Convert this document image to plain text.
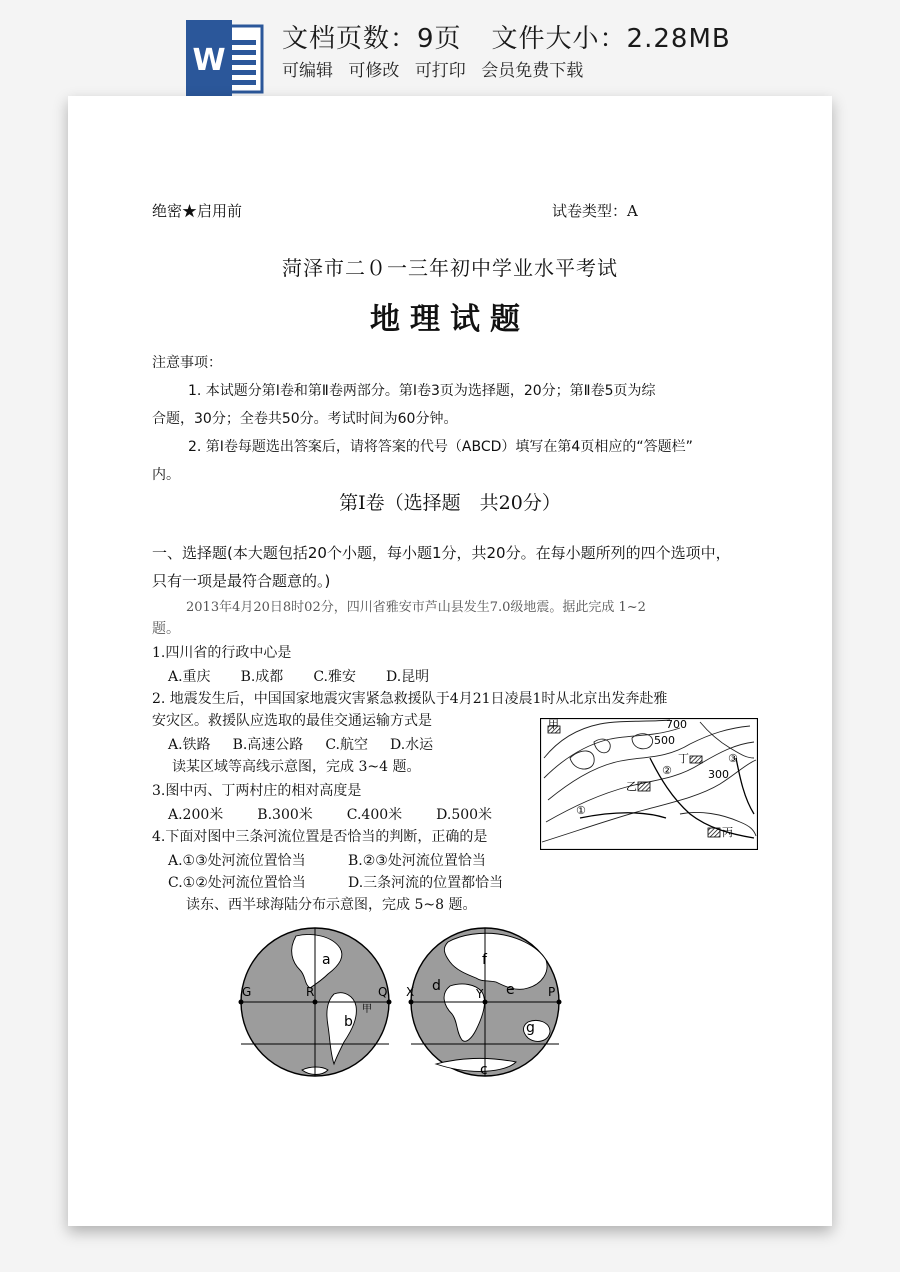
W
文档页数：9页 文件大小：2.28MB
可编辑 可修改 可打印 会员免费下载
绝密★启用前	试卷类型：A
菏泽市二０一三年初中学业水平考试
地理试题
注意事项：
1. 本试题分第Ⅰ卷和第Ⅱ卷两部分。第Ⅰ卷3页为选择题，20分；第Ⅱ卷5页为综
合题，30分；全卷共50分。考试时间为60分钟。
2. 第Ⅰ卷每题选出答案后，请将答案的代号（ABCD）填写在第4页相应的“答题栏”
内。
第Ⅰ卷（选择题　共20分）
一、选择题(本大题包括20个小题，每小题1分，共20分。在每小题所列的四个选项中，
只有一项是最符合题意的。)
2013年4月20日8时02分，四川省雅安市芦山县发生7.0级地震。据此完成 1~2
题。
1.四川省的行政中心是
A.重庆 B.成都 C.雅安 D.昆明
2. 地震发生后，中国国家地震灾害紧急救援队于4月21日凌晨1时从北京出发奔赴雅
安灾区。救援队应选取的最佳交通运输方式是
A.铁路 B.高速公路 C.航空 D.水运
读某区域等高线示意图，完成 3~4 题。
3.图中丙、丁两村庄的相对高度是
A.200米 B.300米 C.400米 D.500米
4.下面对图中三条河流位置是否恰当的判断，正确的是
A.①③处河流位置恰当	B.②③处河流位置恰当
C.①②处河流位置恰当	D.三条河流的位置都恰当
读东、西半球海陆分布示意图，完成 5~8 题。
甲	700
500
丁
②
③
300
乙
①
丙
a
G	R	Q
甲
b
f
d
X	Y	P
e
g
c
